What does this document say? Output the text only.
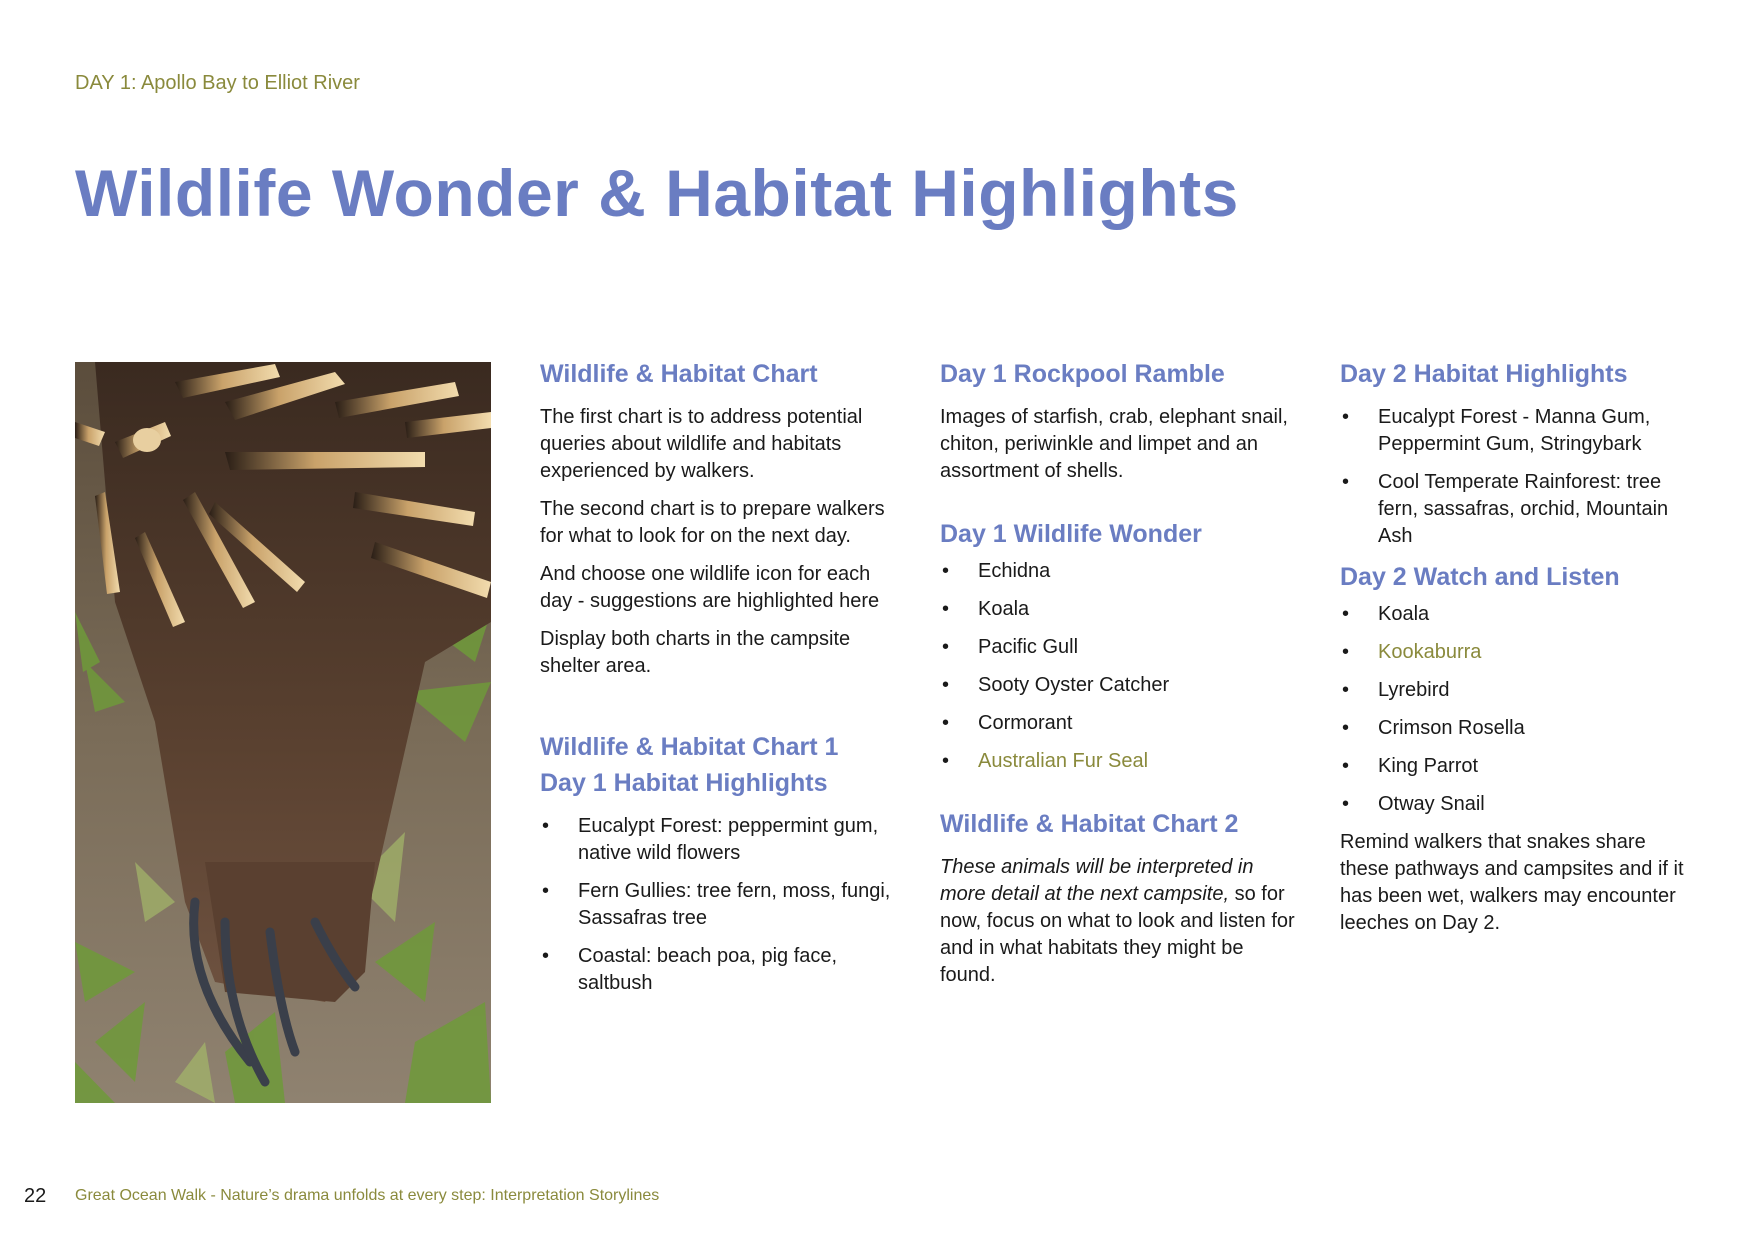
DAY 1: Apollo Bay to Elliot River
Wildlife Wonder & Habitat Highlights
Wildlife & Habitat Chart

The first chart is to address potential queries about wildlife and habitats experienced by walkers.

The second chart is to prepare walkers for what to look for on the next day.

And choose one wildlife icon for each day - suggestions are highlighted here

Display both charts in the campsite shelter area.

Wildlife & Habitat Chart 1
Day 1 Habitat Highlights
• Eucalypt Forest: peppermint gum, native wild flowers
• Fern Gullies: tree fern, moss, fungi, Sassafras tree
• Coastal: beach poa, pig face, saltbush
Day 1 Rockpool Ramble

Images of starfish, crab, elephant snail, chiton, periwinkle and limpet and an assortment of shells.

Day 1 Wildlife Wonder
• Echidna
• Koala
• Pacific Gull
• Sooty Oyster Catcher
• Cormorant
• Australian Fur Seal
Wildlife & Habitat Chart 2

These animals will be interpreted in more detail at the next campsite, so for now, focus on what to look and listen for and in what habitats they might be found.

Day 2 Habitat Highlights
• Eucalypt Forest - Manna Gum, Peppermint Gum, Stringybark
• Cool Temperate Rainforest: tree fern, sassafras, orchid, Mountain Ash
Day 2 Watch and Listen
• Koala
• Kookaburra
• Lyrebird
• Crimson Rosella
• King Parrot
• Otway Snail

Remind walkers that snakes share these pathways and campsites and if it has been wet, walkers may encounter leeches on Day 2.

22 Great Ocean Walk - Nature’s drama unfolds at every step: Interpretation Storylines
